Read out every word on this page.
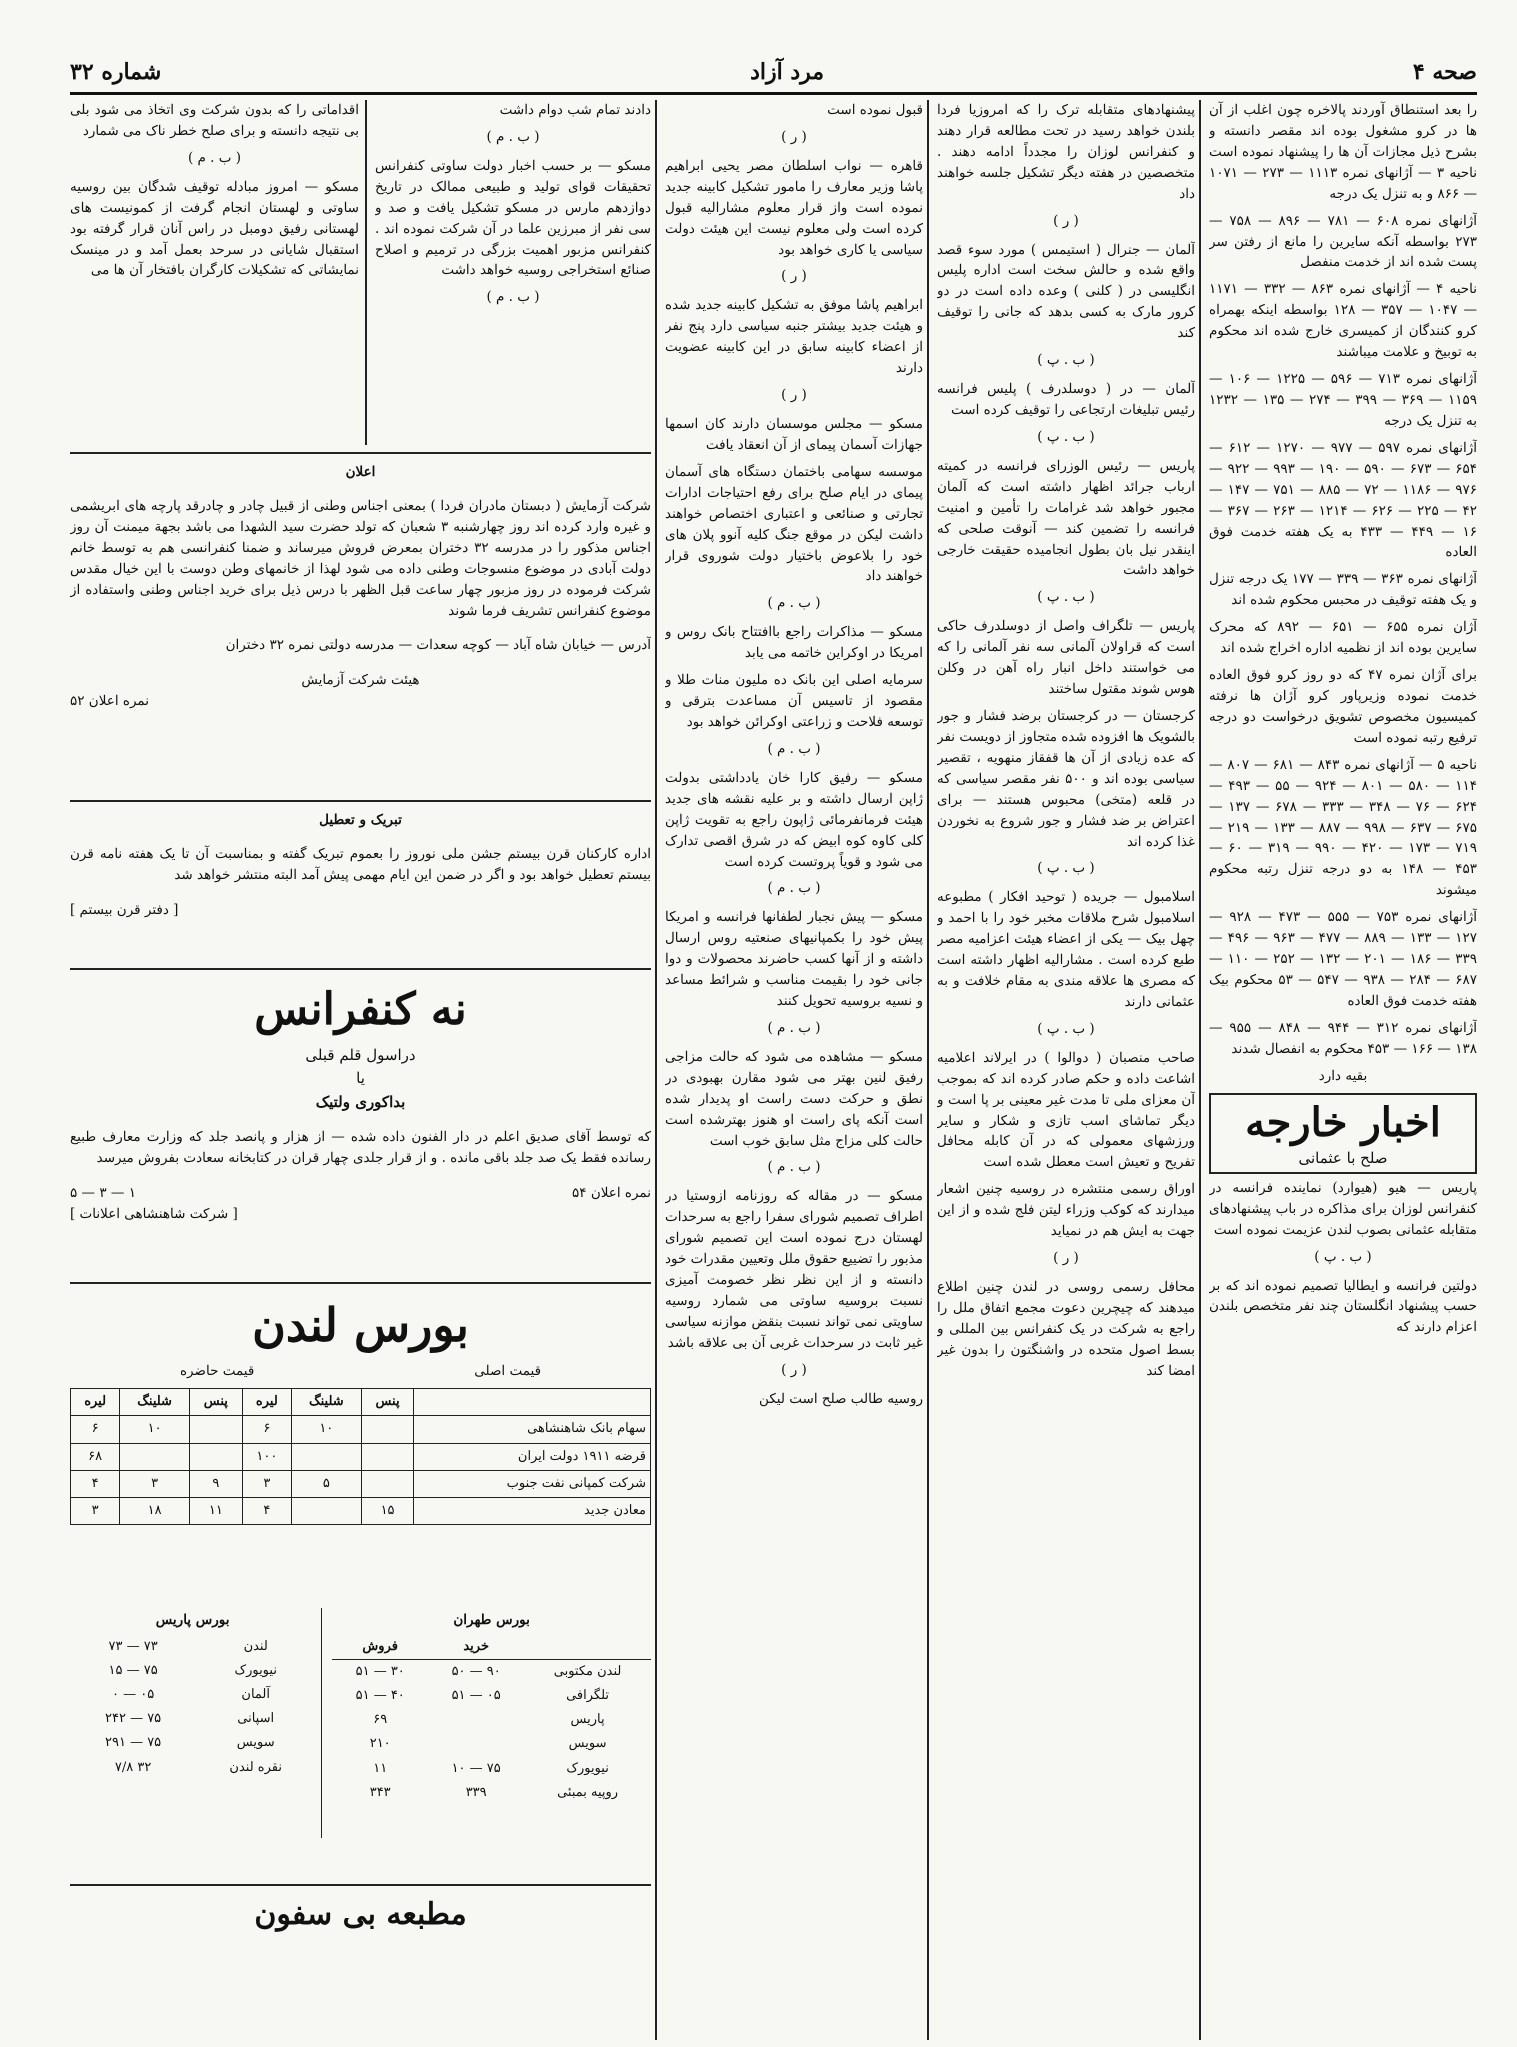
صحه ۴
مرد آزاد
شماره ۳۲

را بعد استنطاق آوردند پالاخره چون اغلب از آن ها در کرو مشغول بوده اند مقصر دانسته و بشرح ذیل مجازات آن ها را پیشنهاد نموده است ناحیه ۳ — آژانهای نمره ۱۱۱۳ — ۲۷۳ — ۱۰۷۱ — ۸۶۶ و به تنزل یک درجه

آژانهای نمره ۶۰۸ — ۷۸۱ — ۸۹۶ — ۷۵۸ — ۲۷۳ بواسطه آنکه سایرین را مانع از رفتن سر پست شده اند از خدمت منفصل

ناحیه ۴ — آژانهای نمره ۸۶۳ — ۳۳۲ — ۱۱۷۱ — ۱۰۴۷ — ۳۵۷ — ۱۲۸ بواسطه اینکه بهمراه کرو کنندگان از کمیسری خارج شده اند محکوم به توبیخ و علامت میباشند

آژانهای نمره ۷۱۳ — ۵۹۶ — ۱۲۲۵ — ۱۰۶ — ۱۱۵۹ — ۳۶۹ — ۳۹۹ — ۲۷۴ — ۱۳۵ — ۱۲۳۲ به تنزل یک درجه

آژانهای نمره ۵۹۷ — ۹۷۷ — ۱۲۷۰ — ۶۱۲ — ۶۵۴ — ۶۷۳ — ۵۹۰ — ۱۹۰ — ۹۹۳ — ۹۲۲ — ۹۷۶ — ۱۱۸۶ — ۷۲ — ۸۸۵ — ۷۵۱ — ۱۴۷ — ۴۲ — ۲۲۵ — ۶۲۶ — ۱۲۱۴ — ۲۶۳ — ۳۶۷ — ۱۶ — ۴۴۹ — ۴۳۳ به یک هفته خدمت فوق العاده

آژانهای نمره ۳۶۳ — ۳۳۹ — ۱۷۷ یک درجه تنزل و یک هفته توقیف در محبس محکوم شده اند

آژان نمره ۶۵۵ — ۶۵۱ — ۸۹۲ که محرک سایرین بوده اند از نظمیه اداره اخراج شده اند

برای آژان نمره ۴۷ که دو روز کرو فوق العاده خدمت نموده وزیرپاور کرو آژان ها نرفته کمیسیون مخصوص تشویق درخواست دو درجه ترفیع رتبه نموده است

ناحیه ۵ — آژانهای نمره ۸۴۳ — ۶۸۱ — ۸۰۷ — ۱۱۴ — ۵۸۰ — ۸۰۱ — ۹۲۴ — ۵۵ — ۴۹۳ — ۶۲۴ — ۷۶ — ۳۴۸ — ۳۳۳ — ۶۷۸ — ۱۳۷ — ۶۷۵ — ۶۳۷ — ۹۹۸ — ۸۸۷ — ۱۳۳ — ۲۱۹ — ۷۱۹ — ۱۷۳ — ۴۲۰ — ۹۹۰ — ۳۱۹ — ۶۰ — ۴۵۳ — ۱۴۸ به دو درجه تنزل رتبه محکوم میشوند

آژانهای نمره ۷۵۳ — ۵۵۵ — ۴۷۳ — ۹۲۸ — ۱۲۷ — ۱۳۳ — ۸۸۹ — ۴۷۷ — ۹۶۳ — ۴۹۶ — ۳۳۹ — ۱۸۶ — ۲۰۱ — ۱۳۲ — ۲۵۲ — ۱۱۰ — ۶۸۷ — ۲۸۴ — ۹۳۸ — ۵۴۷ — ۵۳ محکوم بیک هفته خدمت فوق العاده

آژانهای نمره ۳۱۲ — ۹۴۴ — ۸۴۸ — ۹۵۵ — ۱۳۸ — ۱۶۶ — ۴۵۳ محکوم به انفصال شدند

بقیه دارد

اخبار خارجه
صلح با عثمانی

پاریس — هیو (هیوارد) نماینده فرانسه در کنفرانس لوزان برای مذاکره در باب پیشنهادهای متقابله عثمانی بصوب لندن عزیمت نموده است

( ب . پ )

دولتین فرانسه و ایطالیا تصمیم نموده اند که بر حسب پیشنهاد انگلستان چند نفر متخصص بلندن اعزام دارند که

پیشنهادهای متقابله ترک را که امروزیا فردا بلندن خواهد رسید در تحت مطالعه قرار دهند و کنفرانس لوزان را مجدداً ادامه دهند . متخصصین در هفته دیگر تشکیل جلسه خواهند داد

( ر )

آلمان — جنرال ( استیمس ) مورد سوء قصد واقع شده و حالش سخت است اداره پلیس انگلیسی در ( کلنی ) وعده داده است در دو کرور مارک به کسی بدهد که جانی را توقیف کند

( ب . پ )

آلمان — در ( دوسلدرف ) پلیس فرانسه رئیس تبلیغات ارتجاعی را توقیف کرده است

( ب . پ )

پاریس — رئیس الوزرای فرانسه در کمیته ارباب جرائد اظهار داشته است که آلمان مجبور خواهد شد غرامات را تأمین و امنیت فرانسه را تضمین کند — آنوقت صلحی که اینقدر نیل بان بطول انجامیده حقیقت خارجی خواهد داشت

( ب . پ )

پاریس — تلگراف واصل از دوسلدرف حاکی است که قراولان آلمانی سه نفر آلمانی را که می خواستند داخل انبار راه آهن در وکلن هوس شوند مقتول ساختند

کرجستان — در کرجستان برضد فشار و جور بالشویک ها افزوده شده متجاوز از دویست نفر که عده زیادی از آن ها قفقاز منهویه ، تقصیر سیاسی بوده اند و ۵۰۰ نفر مقصر سیاسی که در قلعه (متخی) محبوس هستند — برای اعتراض بر ضد فشار و جور شروع به نخوردن غذا کرده اند

( ب . پ )

اسلامبول — جریده ( توحید افکار ) مطبوعه اسلامبول شرح ملاقات مخبر خود را با احمد و چهل بیک — یکی از اعضاء هیئت اعزامیه مصر طبع کرده است . مشارالیه اظهار داشته است که مصری ها علاقه مندی به مقام خلافت و به عثمانی دارند

( ب . پ )

صاحب منصبان ( دوالوا ) در ایرلاند اعلامیه اشاعت داده و حکم صادر کرده اند که بموجب آن معزای ملی تا مدت غیر معینی بر پا است و دیگر تماشای اسب تازی و شکار و سایر ورزشهای معمولی که در آن کابله محافل تفریح و تعیش است معطل شده است

اوراق رسمی منتشره در روسیه چنین اشعار میدارند که کوکب وزراء لیتن فلج شده و از این جهت به ایش هم در نمیاید

( ر )

محافل رسمی روسی در لندن چنین اطلاع میدهند که چیچرین دعوت مجمع اتفاق ملل را راجع به شرکت در یک کنفرانس بین المللی و بسط اصول متحده در واشنگتون را بدون غیر امضا کند

قبول نموده است

( ر )

قاهره — نواب اسلطان مصر یحیی ابراهیم پاشا وزیر معارف را مامور تشکیل کابینه جدید نموده است واز قرار معلوم مشارالیه قبول کرده است ولی معلوم نیست این هیئت دولت سیاسی یا کاری خواهد بود

( ر )

ابراهیم پاشا موفق به تشکیل کابینه جدید شده و هیئت جدید بیشتر جنبه سیاسی دارد پنج نفر از اعضاء کابینه سابق در این کابینه عضویت دارند

( ر )

مسکو — مجلس موسسان دارند کان اسمها جهازات آسمان پیمای از آن انعقاد یافت

موسسه سهامی باختمان دستگاه های آسمان پیمای در ایام صلح برای رفع احتیاجات ادارات تجارتی و صنائعی و اعتباری اختصاص خواهند داشت لیکن در موقع جنگ کلیه آنوو پلان های خود را بلاعوض باختیار دولت شوروی قرار خواهند داد

( ب . م )

مسکو — مذاکرات راجع باافتتاح بانک روس و امریکا در اوکراین خاتمه می یابد

سرمایه اصلی این بانک ده مليون منات طلا و مقصود از تاسیس آن مساعدت بترقی و توسعه فلاحت و زراعتی اوکرائن خواهد بود

( ب . م )

مسکو — رفیق کارا خان یادداشتی بدولت ژاپن ارسال داشته و بر علیه نقشه های جدید هیئت فرمانفرمائی ژاپون راجع به تقویت ژاپن کلی کاوه کوه ابیض که در شرق اقصی تدارک می شود و قویاً پروتست کرده است

( ب . م )

مسکو — پیش نجبار لطفانها فرانسه و امریکا پیش خود را بکمپانیهای صنعتیه روس ارسال داشته و از آنها کسب حاضرند محصولات و دوا جانی خود را بقیمت مناسب و شرائط مساعد و نسیه بروسیه تحویل کنند

( ب . م )

مسکو — مشاهده می شود که حالت مزاجی رفیق لنین بهتر می شود مقارن بهبودی در نطق و حرکت دست راست او پدیدار شده است آنکه پای راست او هنوز بهترشده است حالت کلی مزاج مثل سابق خوب است

( ب . م )

مسکو — در مقاله که روزنامه ازوستیا در اطراف تصمیم شورای سفرا راجع به سرحدات لهستان درج نموده است این تصمیم شورای مذبور را تضییع حقوق ملل وتعیین مقدرات خود دانسته و از این نظر نظر خصومت آمیزی نسبت بروسیه ساوتی می شمارد روسیه ساویتی نمی تواند نسبت بنقض موازنه سیاسی غیر ثابت در سرحدات غربی آن بی علاقه باشد

( ر )

روسیه طالب صلح است لیکن

دادند تمام شب دوام داشت

( ب . م )

مسکو — بر حسب اخبار دولت ساوتی کنفرانس تحقیقات قوای تولید و طبیعی ممالک در تاریخ دوازدهم مارس در مسکو تشکیل یافت و صد و سی نفر از مبرزین علما در آن شرکت نموده اند . کنفرانس مزبور اهمیت بزرگی در ترمیم و اصلاح صنائع استخراجی روسیه خواهد داشت

( ب . م )

اقداماتی را که بدون شرکت وی اتخاذ می شود بلی بی نتیجه دانسته و برای صلح خطر ناک می شمارد

( ب . م )

مسکو — امروز مبادله توقیف شدگان بین روسیه ساوتی و لهستان انجام گرفت از کمونیست های لهستانی رفیق دومبل در راس آنان قرار گرفته بود استقبال شایانی در سرحد بعمل آمد و در مینسک نمایشاتی که تشکیلات کارگران بافتخار آن ها می

اعلان

شرکت آزمایش ( دبستان مادران فردا ) بمعنی اجناس وطنی از قبیل چادر و چادرقد پارچه های ابریشمی و غیره وارد کرده اند روز چهارشنبه ۳ شعبان که تولد حضرت سید الشهدا می باشد بجهة میمنت آن روز اجناس مذکور را در مدرسه ۳۲ دختران بمعرض فروش میرساند و ضمنا کنفرانسی هم به توسط خانم دولت آبادی در موضوع منسوجات وطنی داده می شود لهذا از خانمهای وطن دوست با این خیال مقدس شرکت فرموده در روز مزبور چهار ساعت قبل الظهر با درس ذیل برای خرید اجناس وطنی واستفاده از موضوع کنفرانس تشریف فرما شوند

آدرس — خیابان شاه آباد — کوچه سعدات — مدرسه دولتی نمره ۳۲ دختران

هیئت شرکت آزمایش
نمره اعلان ۵۲
تبریک و تعطیل

اداره کارکنان قرن بیستم جشن ملی نوروز را بعموم تبریک گفته و بمناسبت آن تا یک هفته نامه قرن بیستم تعطیل خواهد بود و اگر در ضمن این ایام مهمی پیش آمد البته منتشر خواهد شد

[ دفتر قرن بیستم ]
نه کنفرانس
دراسول قلم قبلی
یا
بداکوری ولتیک

که توسط آقای صدیق اعلم در دار الفنون داده شده — از هزار و پانصد جلد که وزارت معارف طبیع رسانده فقط یک صد جلد باقی مانده . و از قرار جلدی چهار قران در کتابخانه سعادت بفروش میرسد

نمره اعلان ۵۴
۱ — ۳ — ۵
[ شرکت شاهنشاهی اعلانات ]
بورس لندن
قیمت اصلی
قیمت حاضره
	پنس	شلینگ	لیره	پنس	شلینگ	لیره
سهام بانک شاهنشاهی		۱۰	۶		۱۰	۶
قرضه ۱۹۱۱ دولت ایران			۱۰۰			۶۸
شرکت کمپانی نفت جنوب		۵	۳	۹	۳	۴
معادن جدید	۱۵		۴	۱۱	۱۸	۳
بورس طهران
	خرید	فروش
لندن مکتوبی	۹۰ — ۵۰	۳۰ — ۵۱
تلگرافی	۰۵ — ۵۱	۴۰ — ۵۱
پاریس		۶۹
سویس		۲۱۰
نیویورک	۷۵ — ۱۰	۱۱
روپیه بمبئی	۳۳۹	۳۴۳
بورس پاریس
لندن	۷۳ — ۷۳
نیویورک	۷۵ — ۱۵
آلمان	۰۵ — ۰
اسپانی	۷۵ — ۲۴۲
سویس	۷۵ — ۲۹۱
نقره لندن	۳۲ ۷/۸
مطبعه بی سفون
